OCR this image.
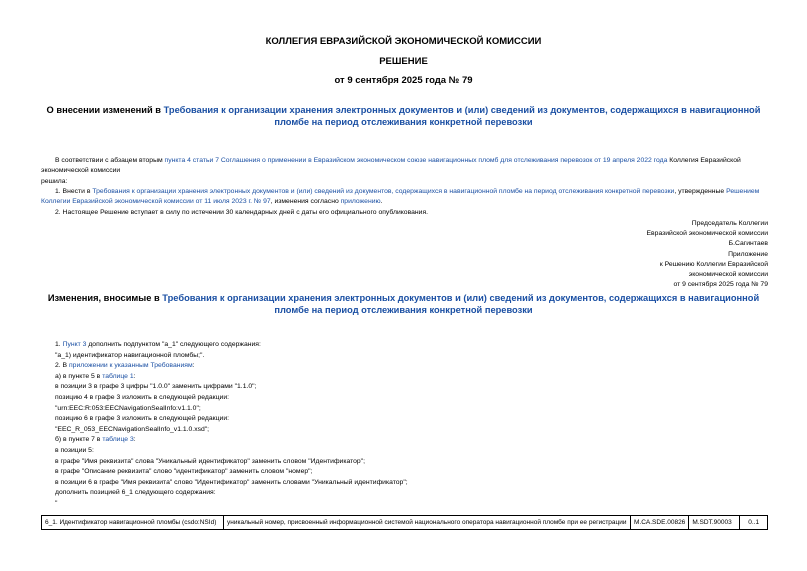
КОЛЛЕГИЯ ЕВРАЗИЙСКОЙ ЭКОНОМИЧЕСКОЙ КОМИССИИ
РЕШЕНИЕ
от 9 сентября 2025 года № 79
О внесении изменений в Требования к организации хранения электронных документов и (или) сведений из документов, содержащихся в навигационной пломбе на период отслеживания конкретной перевозки
В соответствии с абзацем вторым пункта 4 статьи 7 Соглашения о применении в Евразийском экономическом союзе навигационных пломб для отслеживания перевозок от 19 апреля 2022 года Коллегия Евразийской экономической комиссии
решила:
1. Внести в Требования к организации хранения электронных документов и (или) сведений из документов, содержащихся в навигационной пломбе на период отслеживания конкретной перевозки, утвержденные Решением Коллегии Евразийской экономической комиссии от 11 июля 2023 г. № 97, изменения согласно приложению.
2. Настоящее Решение вступает в силу по истечении 30 календарных дней с даты его официального опубликования.
Председатель Коллегии
Евразийской экономической комиссии
Б.Сагинтаев
Приложение
к Решению Коллегии Евразийской
экономической комиссии
от 9 сентября 2025 года № 79
Изменения, вносимые в Требования к организации хранения электронных документов и (или) сведений из документов, содержащихся в навигационной пломбе на период отслеживания конкретной перевозки
1. Пункт 3 дополнить подпунктом "а_1" следующего содержания:
"а_1) идентификатор навигационной пломбы;".
2. В приложении к указанным Требованиям:
а) в пункте 5 в таблице 1:
в позиции 3 в графе 3 цифры "1.0.0" заменить цифрами "1.1.0";
позицию 4 в графе 3 изложить в следующей редакции:
"urn:EEC:R:053:EECNavigationSealInfo:v1.1.0";
позицию 6 в графе 3 изложить в следующей редакции:
"EEC_R_053_EECNavigationSealInfo_v1.1.0.xsd";
б) в пункте 7 в таблице 3:
в позиции 5:
в графе "Имя реквизита" слова "Уникальный идентификатор" заменить словом "Идентификатор";
в графе "Описание реквизита" слово "идентификатор" заменить словом "номер";
в позиции 6 в графе "Имя реквизита" слово "Идентификатор" заменить словами "Уникальный идентификатор";
дополнить позицией 6_1 следующего содержания:
"
6_1. Идентификатор навигационной пломбы (csdo:NSId)	уникальный номер, присвоенный информационной системой национального оператора навигационной пломбе при ее регистрации	M.CA.SDE.00826	M.SDT.90003	0..1
